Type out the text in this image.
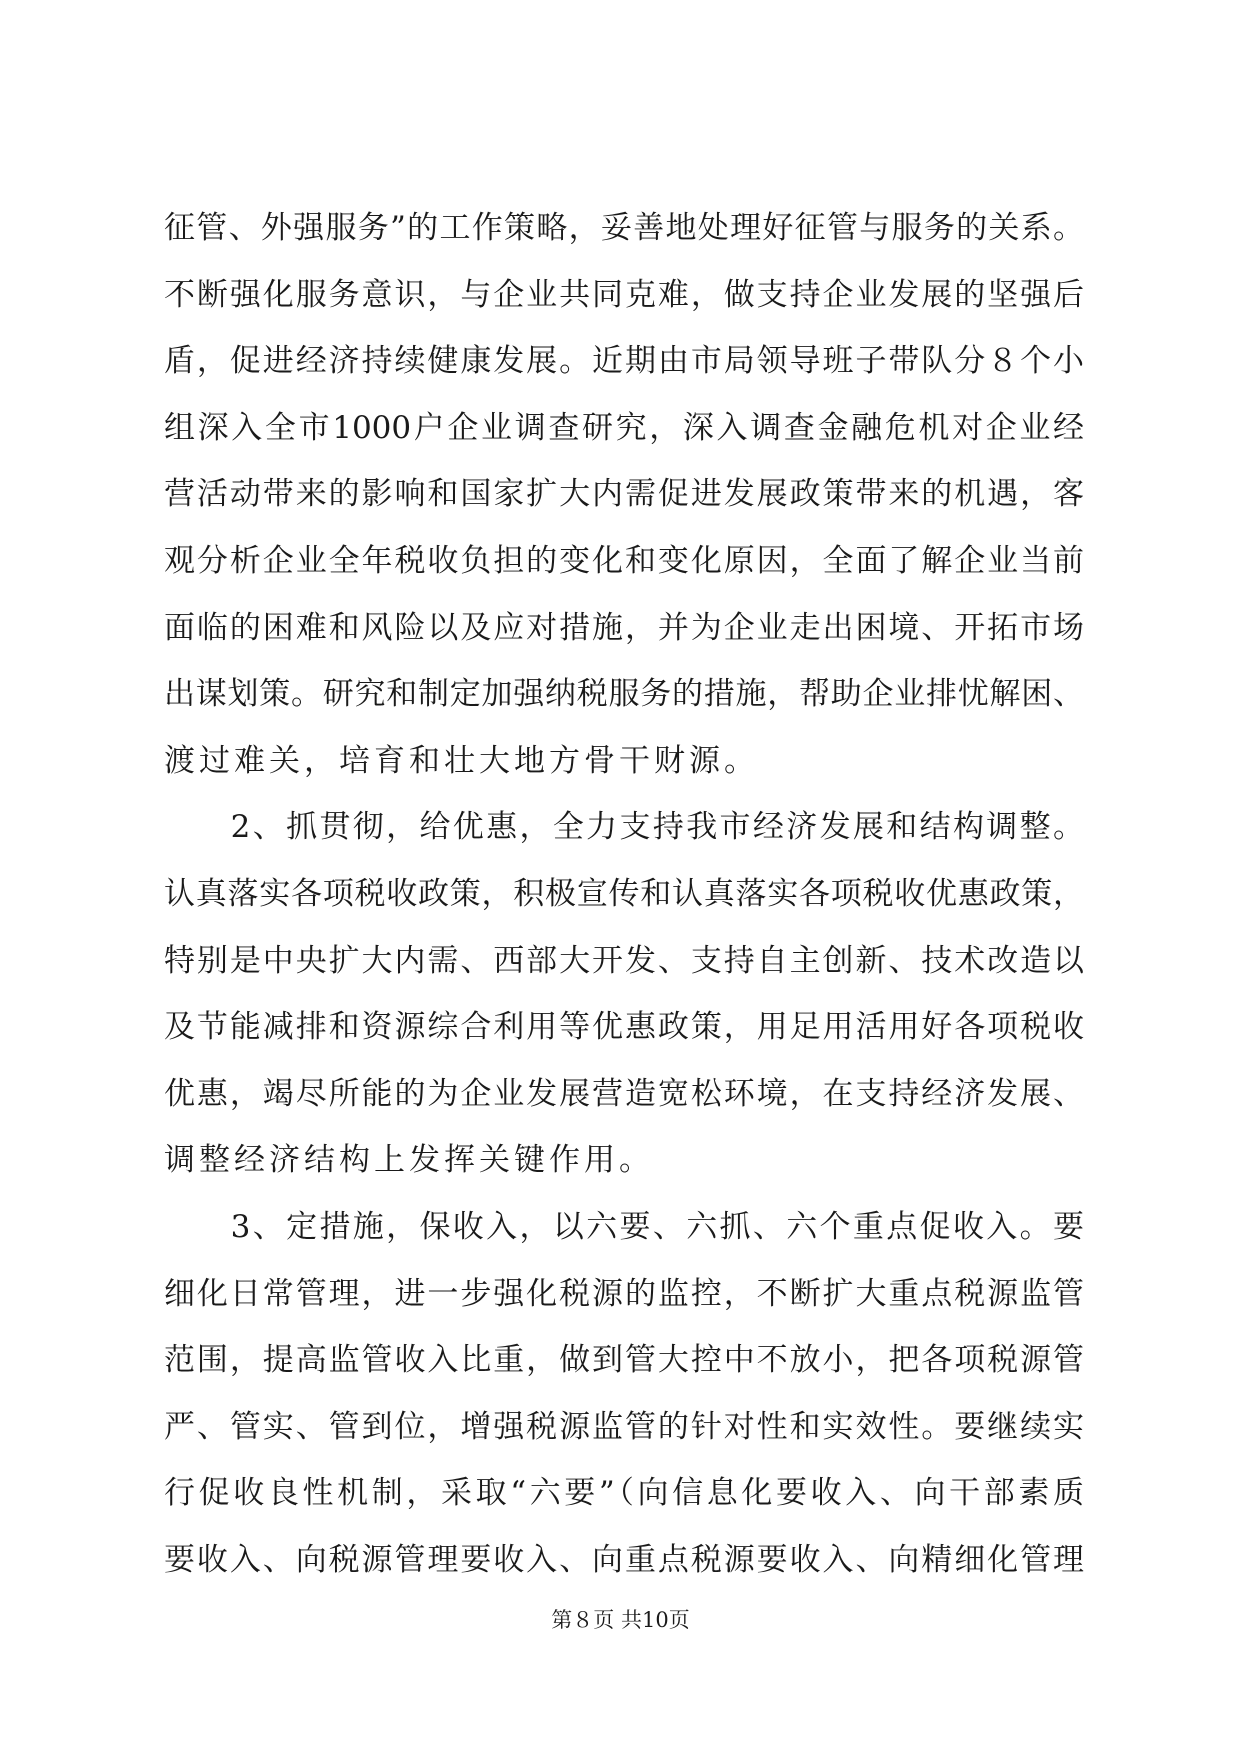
征管、外强服务”的工作策略，妥善地处理好征管与服务的关系。
不断强化服务意识，与企业共同克难，做支持企业发展的坚强后
盾，促进经济持续健康发展。近期由市局领导班子带队分８个小
组深入全市1000户企业调查研究，深入调查金融危机对企业经
营活动带来的影响和国家扩大内需促进发展政策带来的机遇，客
观分析企业全年税收负担的变化和变化原因，全面了解企业当前
面临的困难和风险以及应对措施，并为企业走出困境、开拓市场
出谋划策。研究和制定加强纳税服务的措施，帮助企业排忧解困、
渡过难关，培育和壮大地方骨干财源。
　　2、抓贯彻，给优惠，全力支持我市经济发展和结构调整。
认真落实各项税收政策，积极宣传和认真落实各项税收优惠政策，
特别是中央扩大内需、西部大开发、支持自主创新、技术改造以
及节能减排和资源综合利用等优惠政策，用足用活用好各项税收
优惠，竭尽所能的为企业发展营造宽松环境，在支持经济发展、
调整经济结构上发挥关键作用。
　　3、定措施，保收入，以六要、六抓、六个重点促收入。要
细化日常管理，进一步强化税源的监控，不断扩大重点税源监管
范围，提高监管收入比重，做到管大控中不放小，把各项税源管
严、管实、管到位，增强税源监管的针对性和实效性。要继续实
行促收良性机制，采取“六要”（向信息化要收入、向干部素质
要收入、向税源管理要收入、向重点税源要收入、向精细化管理
第８页 共10页
